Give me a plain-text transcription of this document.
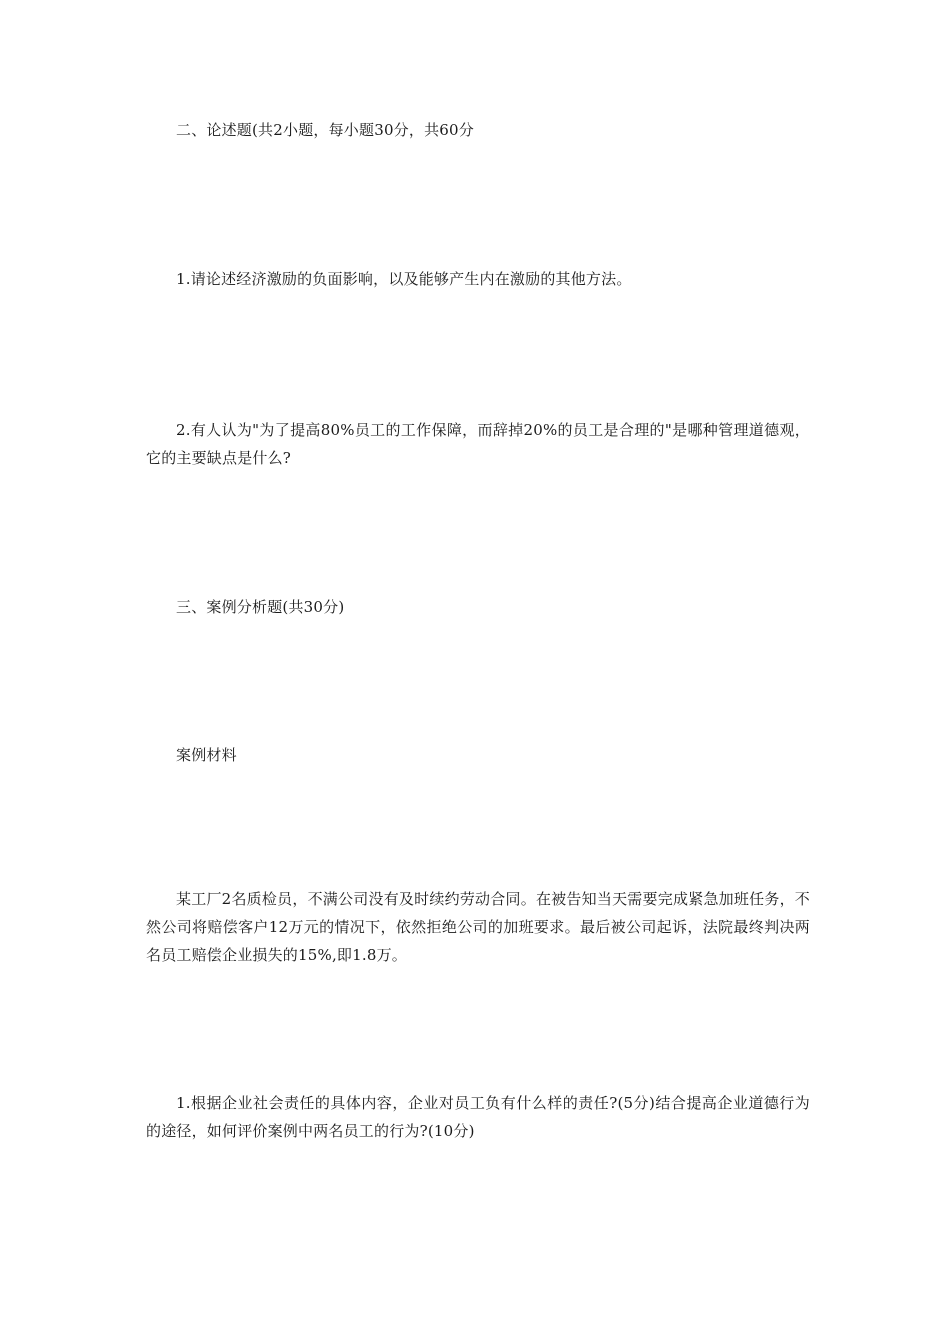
二、论述题(共2小题，每小题30分，共60分

1.请论述经济激励的负面影响，以及能够产生内在激励的其他方法。

2.有人认为"为了提高80%员工的工作保障，而辞掉20%的员工是合理的"是哪种管理道德观，它的主要缺点是什么?

三、案例分析题(共30分)

案例材料

某工厂2名质检员，不满公司没有及时续约劳动合同。在被告知当天需要完成紧急加班任务，不然公司将赔偿客户12万元的情况下，依然拒绝公司的加班要求。最后被公司起诉，法院最终判决两名员工赔偿企业损失的15%,即1.8万。

1.根据企业社会责任的具体内容，企业对员工负有什么样的责任?(5分)结合提高企业道德行为的途径，如何评价案例中两名员工的行为?(10分)
